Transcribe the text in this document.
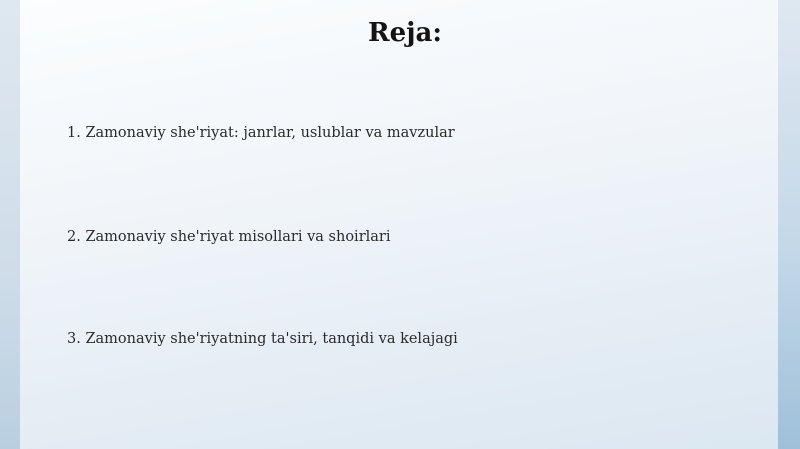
Reja:
1. Zamonaviy she'riyat: janrlar, uslublar va mavzular
2. Zamonaviy she'riyat misollari va shoirlari
3. Zamonaviy she'riyatning ta'siri, tanqidi va kelajagi
